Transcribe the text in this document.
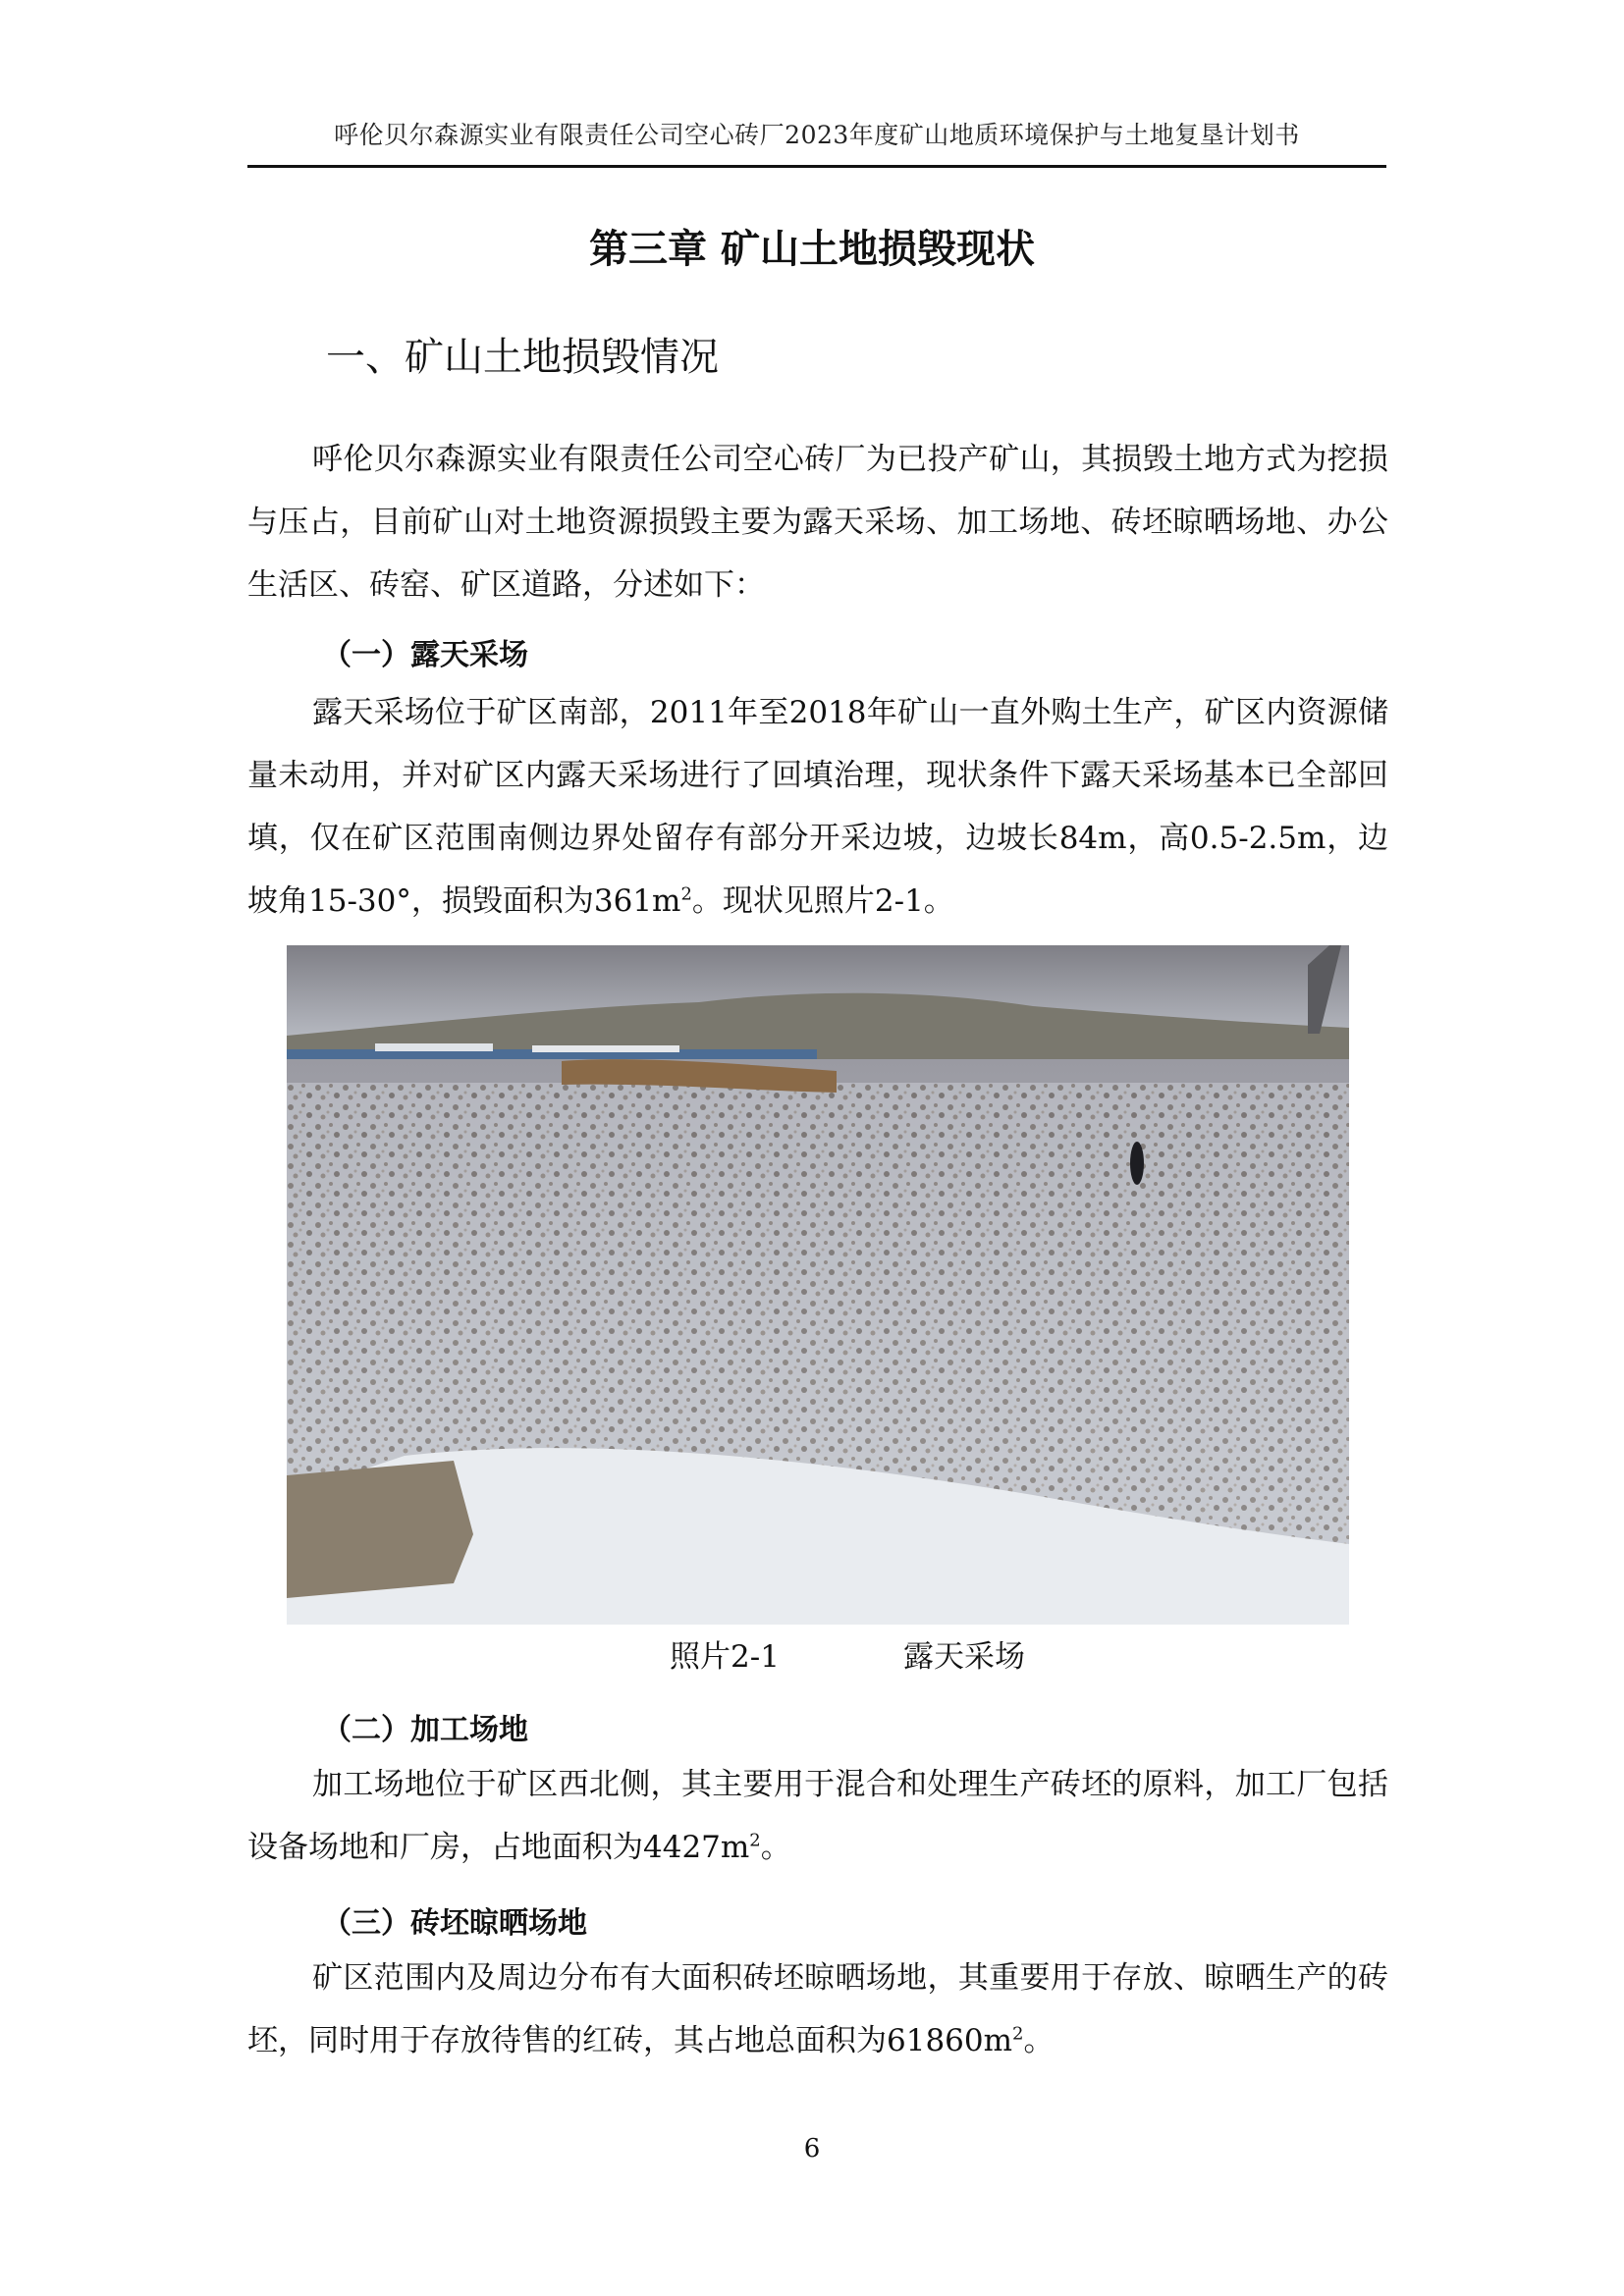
呼伦贝尔森源实业有限责任公司空心砖厂2023年度矿山地质环境保护与土地复垦计划书
第三章 矿山土地损毁现状
一、矿山土地损毁情况

呼伦贝尔森源实业有限责任公司空心砖厂为已投产矿山，其损毁土地方式为挖损与压占，目前矿山对土地资源损毁主要为露天采场、加工场地、砖坯晾晒场地、办公生活区、砖窑、矿区道路，分述如下：

（一）露天采场

露天采场位于矿区南部，2011年至2018年矿山一直外购土生产，矿区内资源储量未动用，并对矿区内露天采场进行了回填治理，现状条件下露天采场基本已全部回填，仅在矿区范围南侧边界处留存有部分开采边坡，边坡长84m，高0.5-2.5m，边坡角15-30°，损毁面积为$361m^2$。现状见照片2-1。

照片2-1	露天采场
（二）加工场地

加工场地位于矿区西北侧，其主要用于混合和处理生产砖坯的原料，加工厂包括设备场地和厂房，占地面积为$4427m^2$。

（三）砖坯晾晒场地

矿区范围内及周边分布有大面积砖坯晾晒场地，其重要用于存放、晾晒生产的砖坯，同时用于存放待售的红砖，其占地总面积为$61860m^2$。

6
